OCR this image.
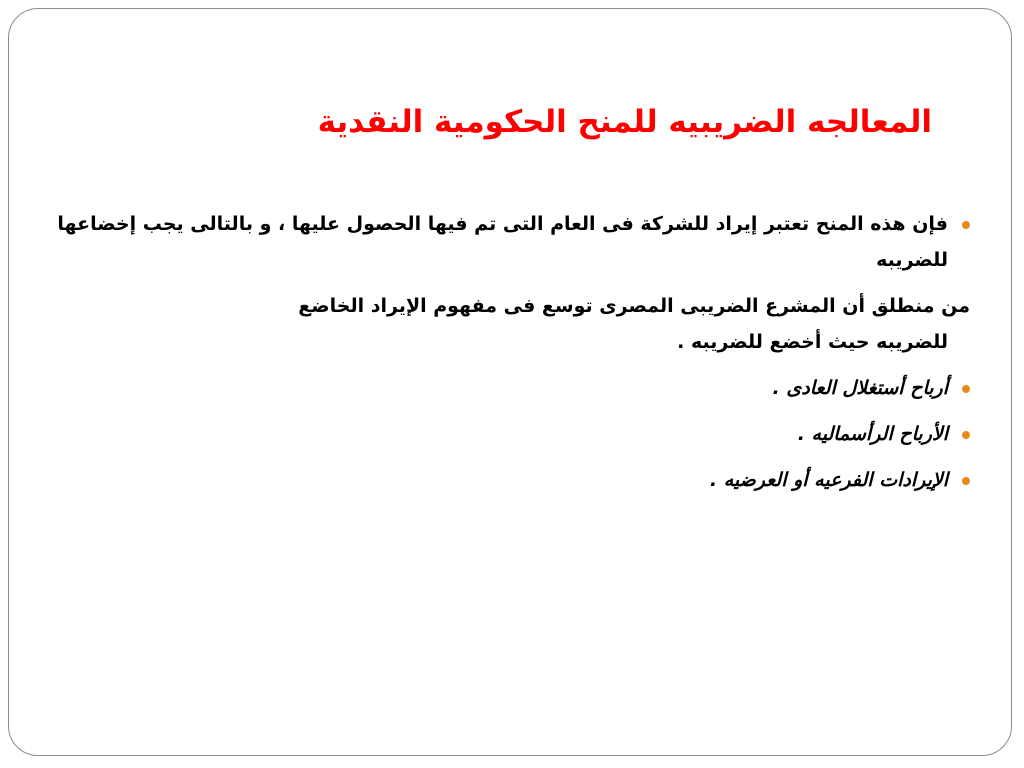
المعالجه الضريبيه للمنح الحكومية النقدية

فإن هذه المنح تعتبر إيراد للشركة فى العام التى تم فيها الحصول عليها ، و بالتالى يجب إخضاعها للضريبه

من منطلق أن المشرع الضريبى المصرى توسع فى مفهوم الإيراد الخاضع
للضريبه حيث أخضع للضريبه .

أرباح أستغلال العادى .

الأرباح الرأسماليه .

الإيرادات الفرعيه أو العرضيه .
